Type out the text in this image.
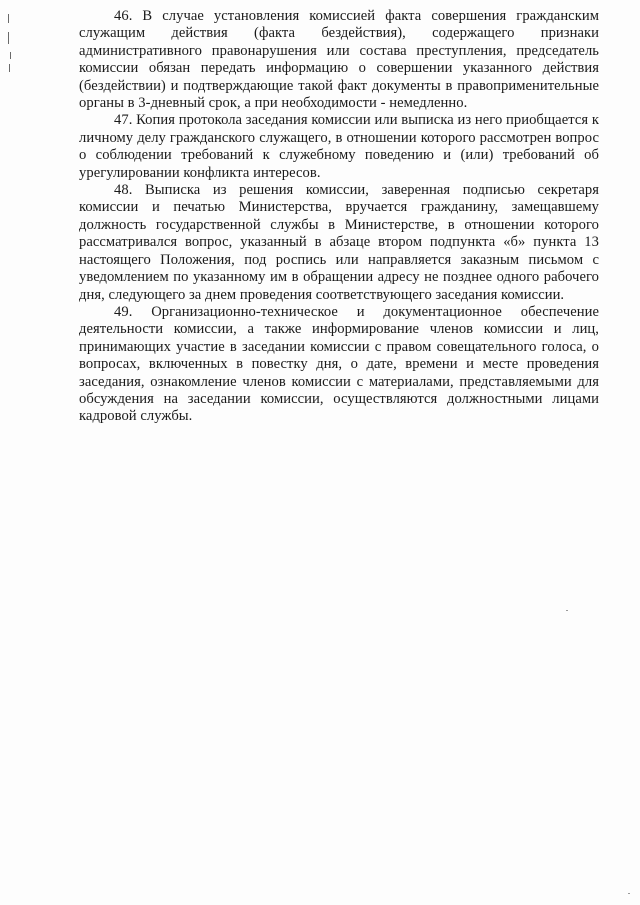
46. В случае установления комиссией факта совершения гражданским служащим действия (факта бездействия), содержащего признаки административного правонарушения или состава преступления, председатель комиссии обязан передать информацию о совершении указанного действия (бездействии) и подтверждающие такой факт документы в правоприменительные органы в 3-дневный срок, а при необходимости - немедленно.

47. Копия протокола заседания комиссии или выписка из него приобщается к личному делу гражданского служащего, в отношении которого рассмотрен вопрос о соблюдении требований к служебному поведению и (или) требований об урегулировании конфликта интересов.

48. Выписка из решения комиссии, заверенная подписью секретаря комиссии и печатью Министерства, вручается гражданину, замещавшему должность государственной службы в Министерстве, в отношении которого рассматривался вопрос, указанный в абзаце втором подпункта «б» пункта 13 настоящего Положения, под роспись или направляется заказным письмом с уведомлением по указанному им в обращении адресу не позднее одного рабочего дня, следующего за днем проведения соответствующего заседания комиссии.

49. Организационно-техническое и документационное обеспечение деятельности комиссии, а также информирование членов комиссии и лиц, принимающих участие в заседании комиссии с правом совещательного голоса, о вопросах, включенных в повестку дня, о дате, времени и месте проведения заседания, ознакомление членов комиссии с материалами, представляемыми для обсуждения на заседании комиссии, осуществляются должностными лицами кадровой службы.
